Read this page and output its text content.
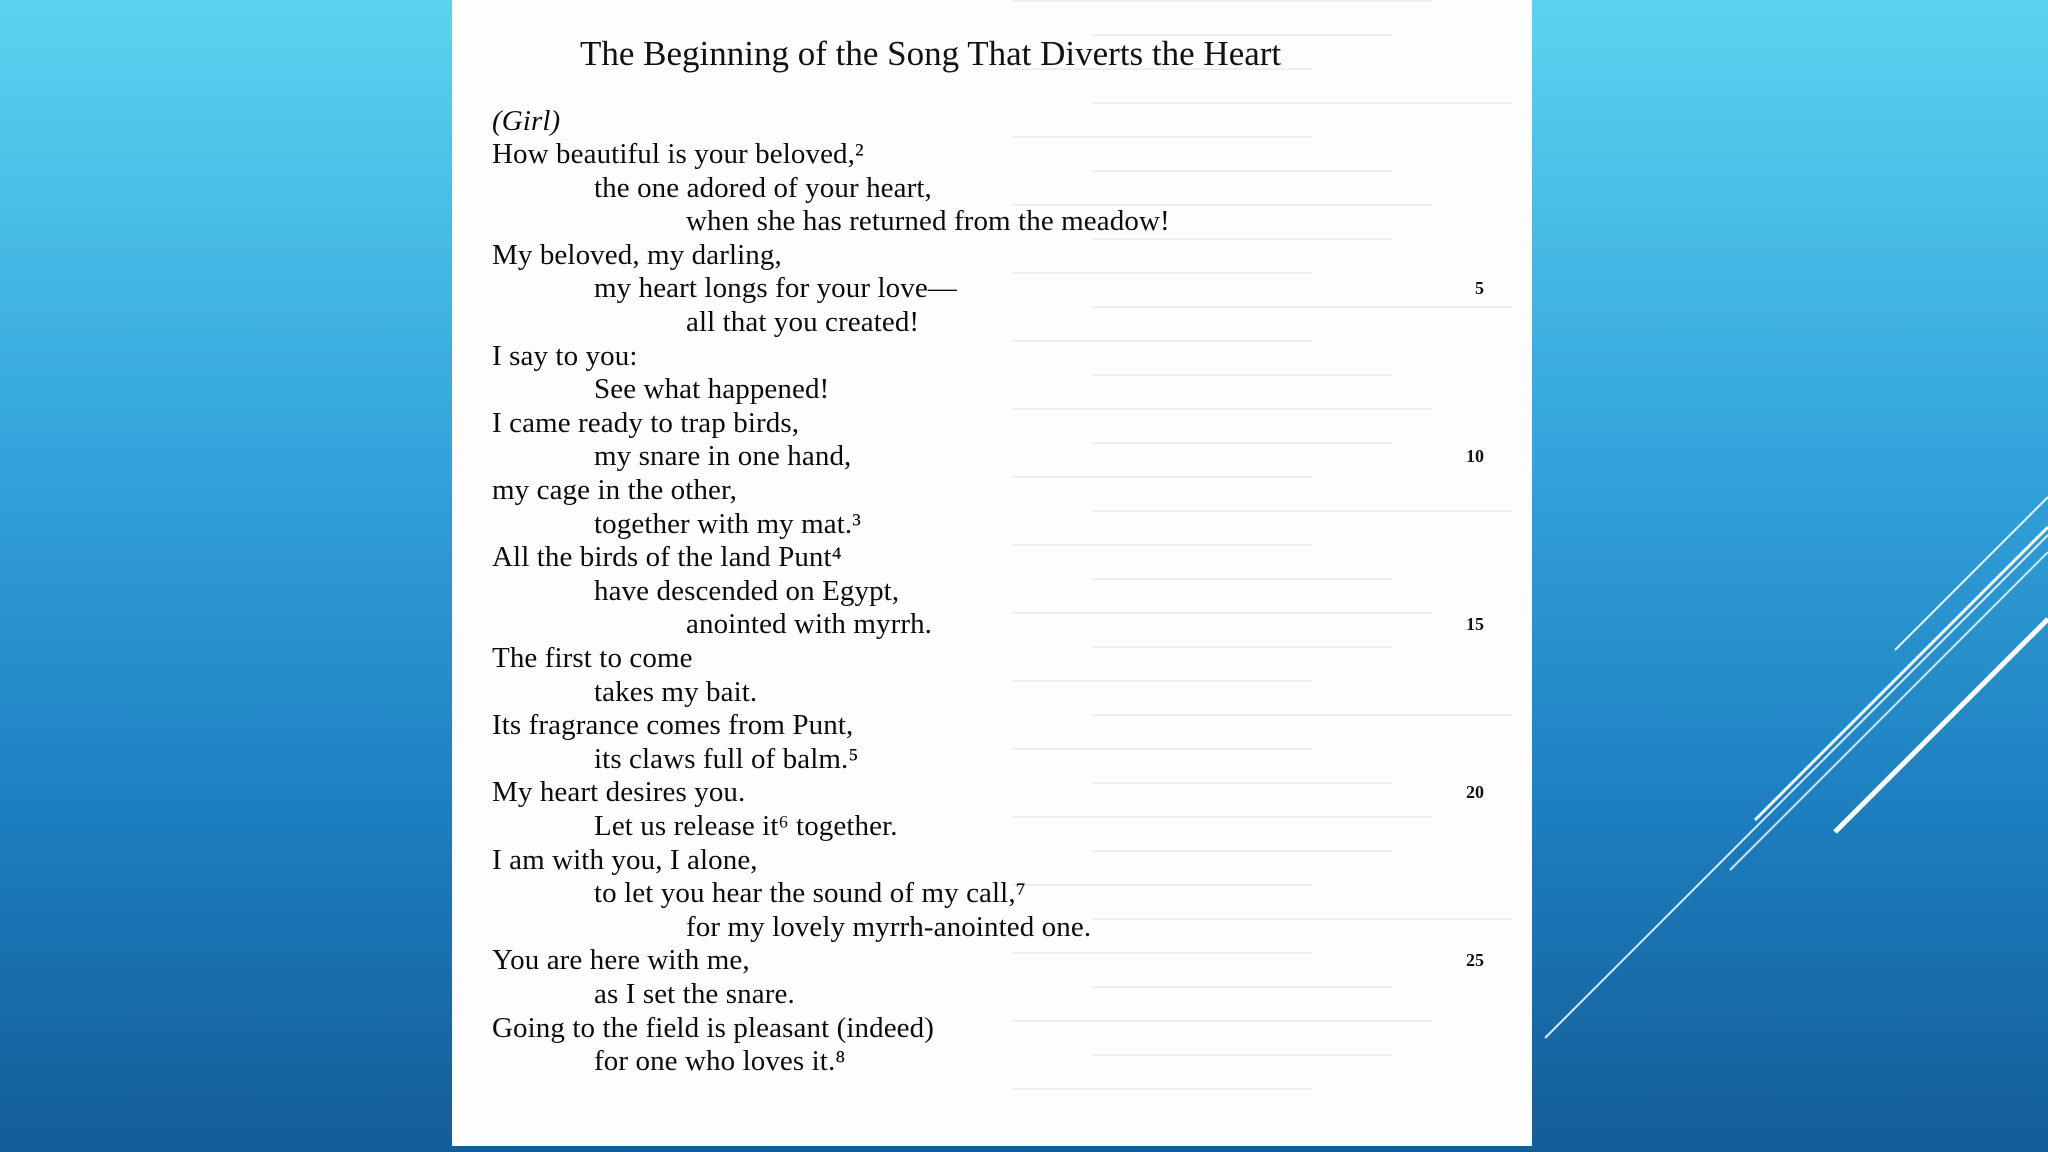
The Beginning of the Song That Diverts the Heart
(Girl)
How beautiful is your beloved,²
the one adored of your heart,
when she has returned from the meadow!
My beloved, my darling,
my heart longs for your love—
all that you created!
I say to you:
See what happened!
I came ready to trap birds,
my snare in one hand,
my cage in the other,
together with my mat.³
All the birds of the land Punt⁴
have descended on Egypt,
anointed with myrrh.
The first to come
takes my bait.
Its fragrance comes from Punt,
its claws full of balm.⁵
My heart desires you.
Let us release it⁶ together.
I am with you, I alone,
to let you hear the sound of my call,⁷
for my lovely myrrh-anointed one.
You are here with me,
as I set the snare.
Going to the field is pleasant (indeed)
for one who loves it.⁸
5
10
15
20
25
